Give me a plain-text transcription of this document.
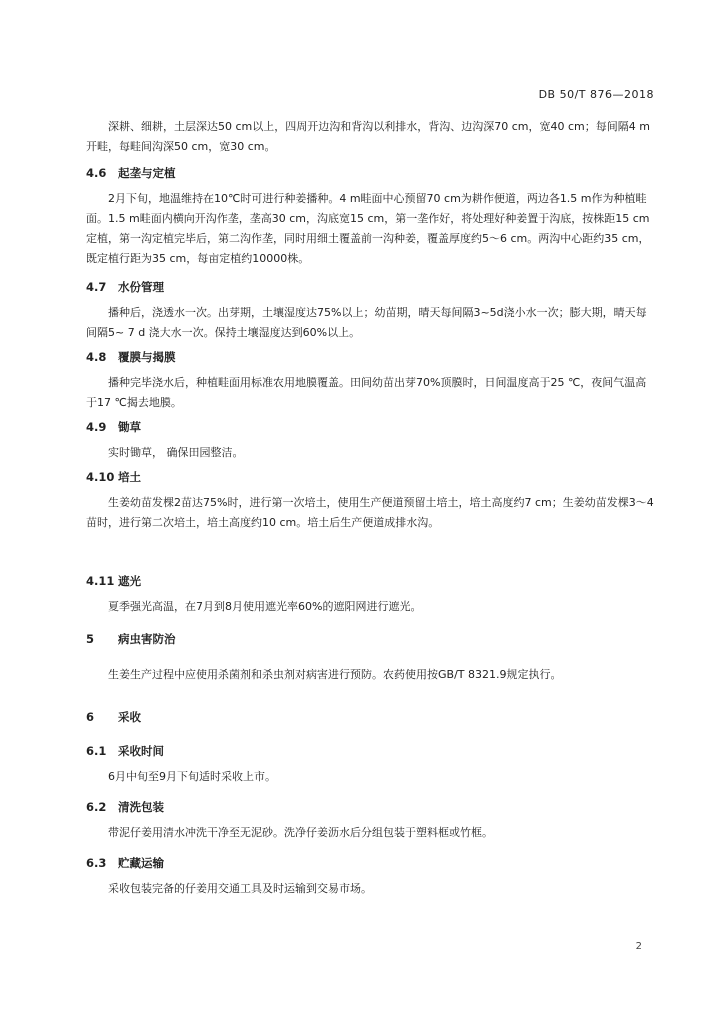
DB 50/T 876—2018

深耕、细耕，土层深达50 cm以上，四周开边沟和背沟以利排水，背沟、边沟深70 cm，宽40 cm；每间隔4 m开畦，每畦间沟深50 cm，宽30 cm。

4.6 起垄与定植

2月下旬，地温维持在10℃时可进行种姜播种。4 m畦面中心预留70 cm为耕作便道，两边各1.5 m作为种植畦面。1.5 m畦面内横向开沟作垄，垄高30 cm，沟底宽15 cm，第一垄作好，将处理好种姜置于沟底，按株距15 cm定植，第一沟定植完毕后，第二沟作垄，同时用细土覆盖前一沟种姜，覆盖厚度约5～6 cm。两沟中心距约35 cm，既定植行距为35 cm，每亩定植约10000株。

4.7 水份管理

播种后，浇透水一次。出芽期，土壤湿度达75%以上；幼苗期，晴天每间隔3~5d浇小水一次；膨大期，晴天每间隔5~ 7 d 浇大水一次。保持土壤湿度达到60%以上。

4.8 覆膜与揭膜

播种完毕浇水后，种植畦面用标准农用地膜覆盖。田间幼苗出芽70%顶膜时，日间温度高于25 ℃，夜间气温高于17 ℃揭去地膜。

4.9 锄草

实时锄草， 确保田园整洁。

4.10 培土

生姜幼苗发棵2苗达75%时，进行第一次培土，使用生产便道预留土培土，培土高度约7 cm；生姜幼苗发棵3～4苗时，进行第二次培土，培土高度约10 cm。培土后生产便道成排水沟。

4.11 遮光

夏季强光高温，在7月到8月使用遮光率60%的遮阳网进行遮光。

5 病虫害防治

生姜生产过程中应使用杀菌剂和杀虫剂对病害进行预防。农药使用按GB/T 8321.9规定执行。

6 采收
6.1 采收时间

6月中旬至9月下旬适时采收上市。

6.2 清洗包装

带泥仔姜用清水冲洗干净至无泥砂。洗净仔姜沥水后分组包装于塑料框或竹框。

6.3 贮藏运输

采收包装完备的仔姜用交通工具及时运输到交易市场。

2
